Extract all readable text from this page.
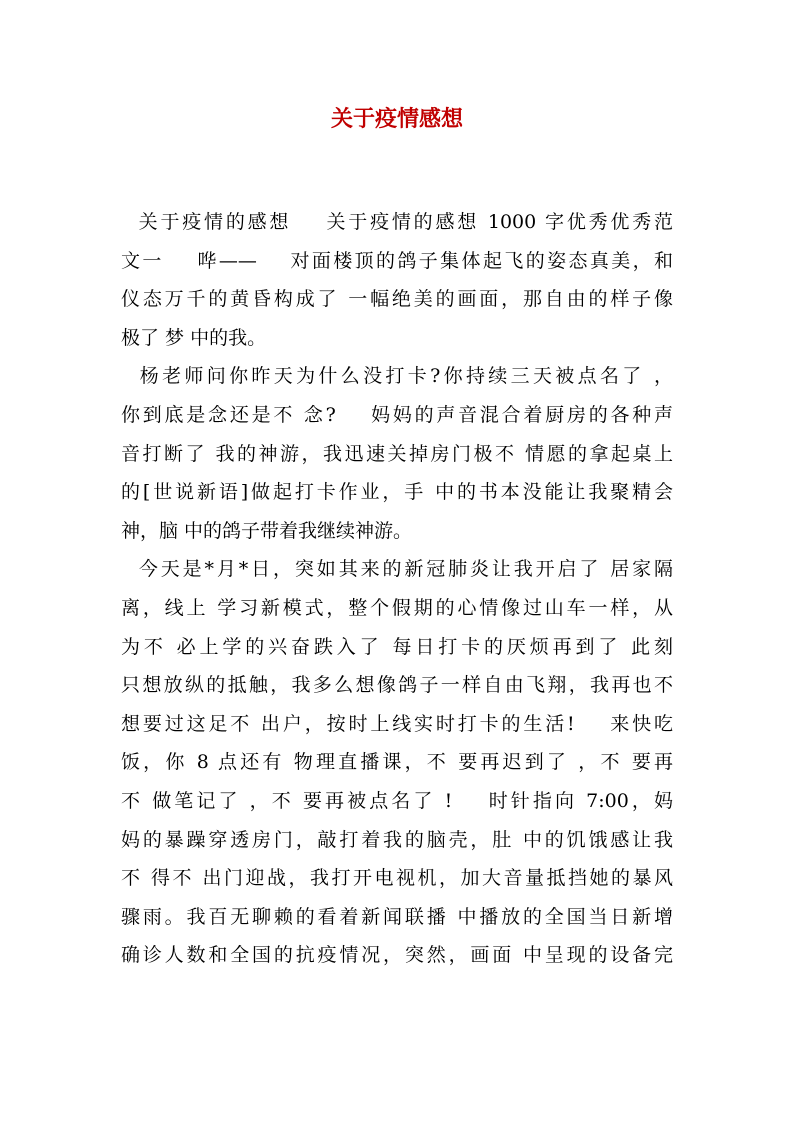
关于疫情感想
关于疫情的感想    关于疫情的感想 1000 字优秀优秀范
文一    哗——    对面楼顶的鸽子集体起飞的姿态真美，和
仪态万千的黄昏构成了 一幅绝美的画面，那自由的样子像
极了 梦 中的我。
杨老师问你昨天为什么没打卡?你持续三天被点名了 ，
你到底是念还是不 念?    妈妈的声音混合着厨房的各种声
音打断了 我的神游，我迅速关掉房门极不 情愿的拿起桌上
的[世说新语]做起打卡作业，手 中的书本没能让我聚精会
神，脑 中的鸽子带着我继续神游。
今天是*月*日，突如其来的新冠肺炎让我开启了 居家隔
离，线上 学习新模式，整个假期的心情像过山车一样，从
为不 必上学的兴奋跌入了 每日打卡的厌烦再到了 此刻
只想放纵的抵触，我多么想像鸽子一样自由飞翔，我再也不
想要过这足不 出户，按时上线实时打卡的生活!    来快吃
饭，你 8 点还有 物理直播课，不 要再迟到了 ，不 要再
不 做笔记了 ，不 要再被点名了 !    时针指向 7:00，妈
妈的暴躁穿透房门，敲打着我的脑壳，肚 中的饥饿感让我
不 得不 出门迎战，我打开电视机，加大音量抵挡她的暴风
骤雨。我百无聊赖的看着新闻联播 中播放的全国当日新增
确诊人数和全国的抗疫情况，突然，画面 中呈现的设备完
